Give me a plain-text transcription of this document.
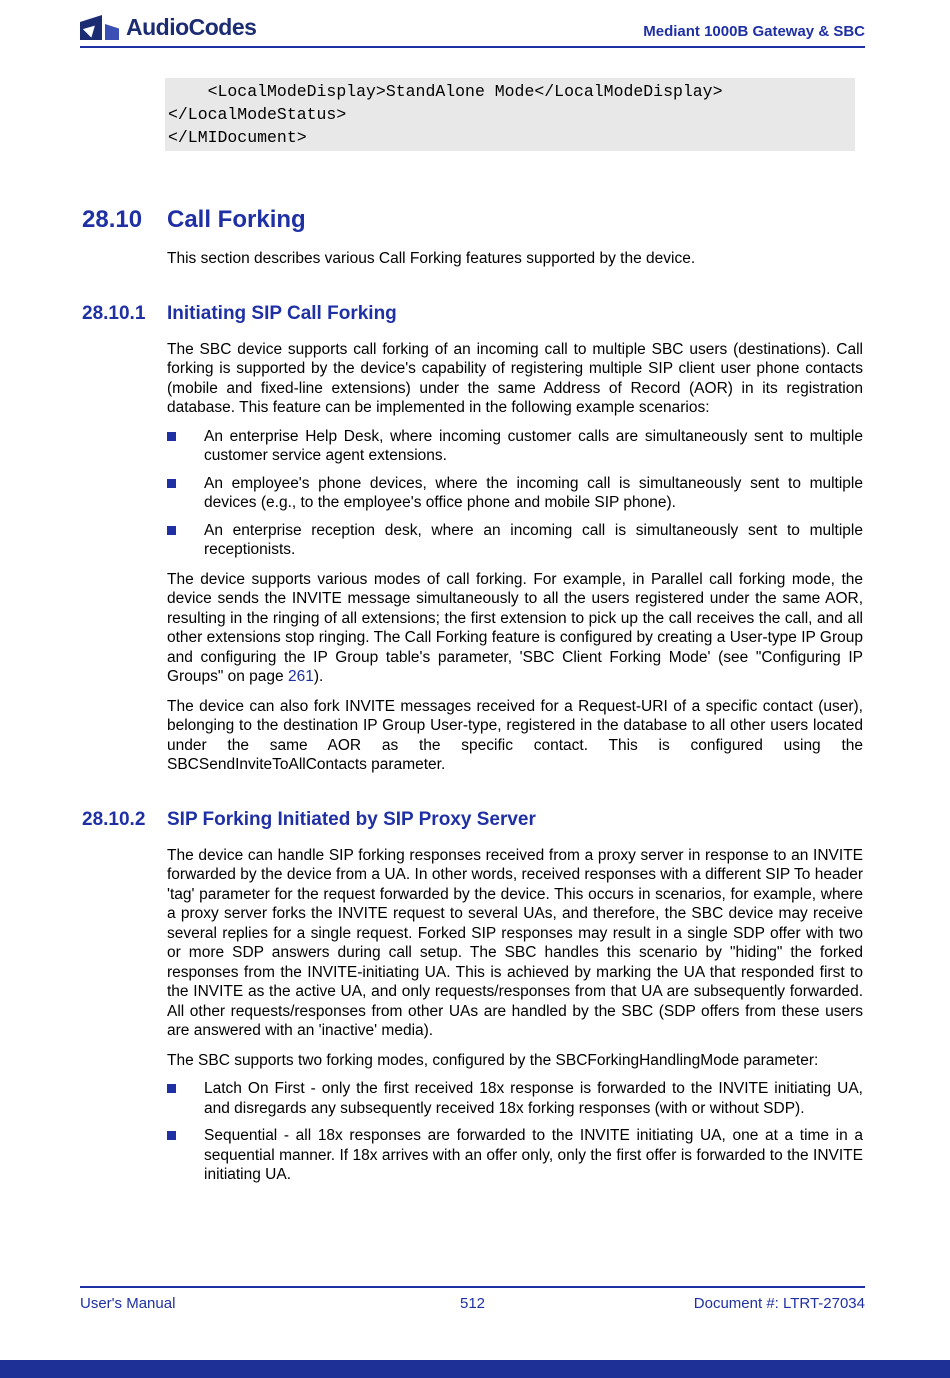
AudioCodes	Mediant 1000B Gateway & SBC
<LocalModeDisplay>StandAlone Mode</LocalModeDisplay>
</LocalModeStatus>
</LMIDocument>
28.10	Call Forking

This section describes various Call Forking features supported by the device.

28.10.1	Initiating SIP Call Forking

The SBC device supports call forking of an incoming call to multiple SBC users (destinations). Call forking is supported by the device's capability of registering multiple SIP client user phone contacts (mobile and fixed-line extensions) under the same Address of Record (AOR) in its registration database. This feature can be implemented in the following example scenarios:

An enterprise Help Desk, where incoming customer calls are simultaneously sent to multiple customer service agent extensions.
An employee's phone devices, where the incoming call is simultaneously sent to multiple devices (e.g., to the employee's office phone and mobile SIP phone).
An enterprise reception desk, where an incoming call is simultaneously sent to multiple receptionists.

The device supports various modes of call forking. For example, in Parallel call forking mode, the device sends the INVITE message simultaneously to all the users registered under the same AOR, resulting in the ringing of all extensions; the first extension to pick up the call receives the call, and all other extensions stop ringing. The Call Forking feature is configured by creating a User-type IP Group and configuring the IP Group table's parameter, 'SBC Client Forking Mode' (see "Configuring IP Groups" on page 261).

The device can also fork INVITE messages received for a Request-URI of a specific contact (user), belonging to the destination IP Group User-type, registered in the database to all other users located under the same AOR as the specific contact. This is configured using the SBCSendInviteToAllContacts parameter.

28.10.2	SIP Forking Initiated by SIP Proxy Server

The device can handle SIP forking responses received from a proxy server in response to an INVITE forwarded by the device from a UA. In other words, received responses with a different SIP To header 'tag' parameter for the request forwarded by the device. This occurs in scenarios, for example, where a proxy server forks the INVITE request to several UAs, and therefore, the SBC device may receive several replies for a single request. Forked SIP responses may result in a single SDP offer with two or more SDP answers during call setup. The SBC handles this scenario by "hiding" the forked responses from the INVITE-initiating UA. This is achieved by marking the UA that responded first to the INVITE as the active UA, and only requests/responses from that UA are subsequently forwarded. All other requests/responses from other UAs are handled by the SBC (SDP offers from these users are answered with an 'inactive' media).

The SBC supports two forking modes, configured by the SBCForkingHandlingMode parameter:

Latch On First - only the first received 18x response is forwarded to the INVITE initiating UA, and disregards any subsequently received 18x forking responses (with or without SDP).
Sequential - all 18x responses are forwarded to the INVITE initiating UA, one at a time in a sequential manner. If 18x arrives with an offer only, only the first offer is forwarded to the INVITE initiating UA.
User's Manual	512	Document #: LTRT-27034
